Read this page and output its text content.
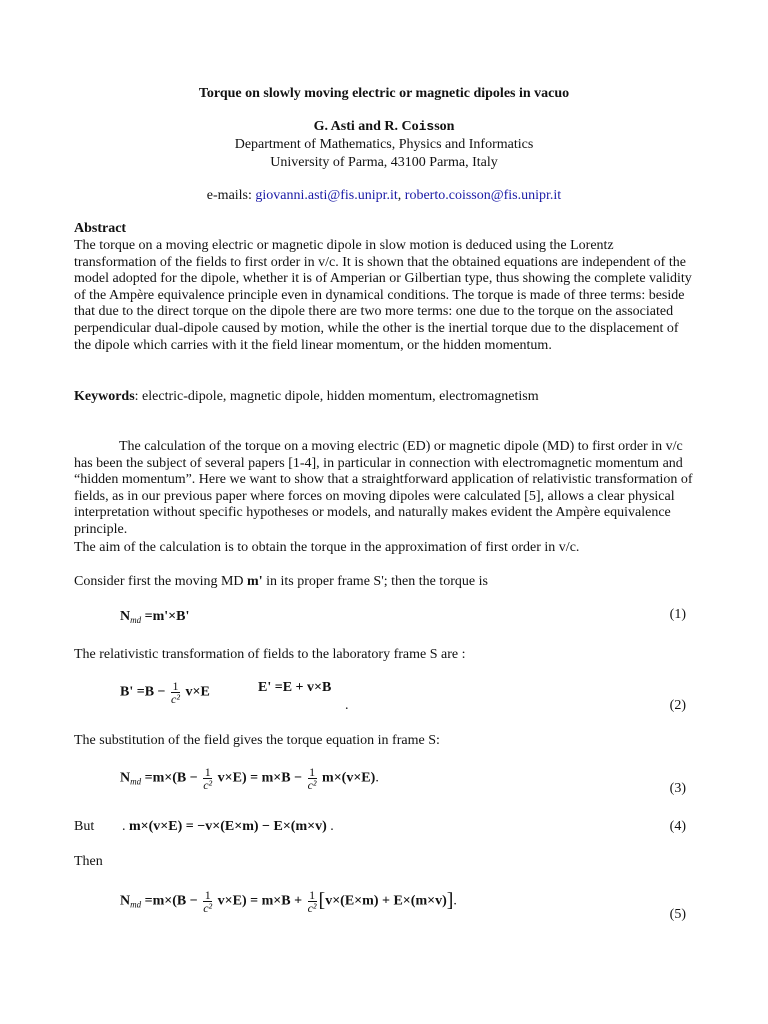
Torque on slowly moving electric or magnetic dipoles in vacuo
G. Asti and R. Coisson
Department of Mathematics, Physics and Informatics
University of Parma, 43100 Parma, Italy
e-mails: giovanni.asti@fis.unipr.it, roberto.coisson@fis.unipr.it
Abstract
The torque on a moving electric or magnetic dipole in slow motion is deduced using the Lorentz transformation of the fields to first order in v/c. It is shown that the obtained equations are independent of the model adopted for the dipole, whether it is of Amperian or Gilbertian type, thus showing the complete validity of the Ampère equivalence principle even in dynamical conditions. The torque is made of three terms: beside that due to the direct torque on the dipole there are two more terms: one due to the torque on the associated perpendicular dual-dipole caused by motion, while the other is the inertial torque due to the displacement of the dipole which carries with it the field linear momentum, or the hidden momentum.
Keywords: electric-dipole, magnetic dipole, hidden momentum, electromagnetism
The calculation of the torque on a moving electric (ED) or magnetic dipole (MD) to first order in v/c has been the subject of several papers [1-4], in particular in connection with electromagnetic momentum and “hidden momentum”. Here we want to show that a straightforward application of relativistic transformation of fields, as in our previous paper where forces on moving dipoles were calculated [5], allows a clear physical interpretation without specific hypotheses or models, and naturally makes evident the Ampère equivalence principle.
The aim of the calculation is to obtain the torque in the approximation of first order in v/c.
Consider first the moving MD m' in its proper frame S'; then the torque is
$N_{md} =m'\times B'$	(1)
The relativistic transformation of fields to the laboratory frame S are :
$B' =B - \frac{1}{\text{c²}} v\times E$	E' =E + v×B
.	(2)
The substitution of the field gives the torque equation in frame S:
$N_{md} =m\times(B - \frac{1}{\text{c²}} v\times E) = m\times B - \frac{1}{\text{c²}} m\times(v\times E)$.
(3)
But	. m×(v×E) = −v×(E×m) − E×(m×v) .	(4)
Then
$N_{md} =m\times(B - \frac{1}{\text{c²}} v\times E) = m\times B + \frac{1}{\text{c²}} [v\times(E\times m) + E\times(m\times v)]$.
(5)
